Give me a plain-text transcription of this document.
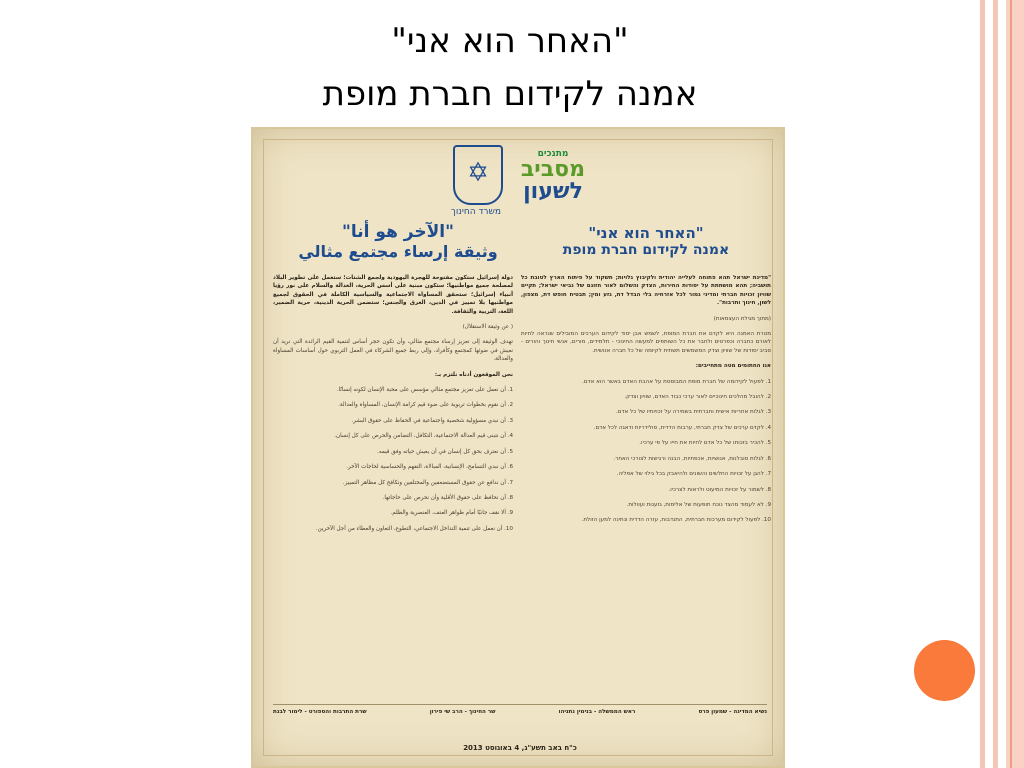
"האחר הוא אני"
אמנה לקידום חברת מופת
✡
משרד החינוך
מתנכים
מסביב
לשעון
"האחר הוא אני"
אמנה לקידום חברת מופת
"الآخر هو أنا"
وثيقة إرساء مجتمع مثالي

"מדינת ישראל תהא פתוחה לעלייה יהודית ולקיבוץ גלויות; תשקוד על פיתוח הארץ לטובת כל תושביה; תהא מושתתת על יסודות החירות, הצדק והשלום לאור חזונם של נביאי ישראל; תקיים שוויון זכויות חברתי ומדיני גמור לכל אזרחיה בלי הבדל דת, גזע ומין; תבטיח חופש דת, מצפון, לשון, חינוך ותרבות".

(מתוך מגילת העצמאות)

מטרת האמנה היא לקדם את חברת המופת, לשמש אבן יסוד לקידום הערכים המובילים שנראה לחיות לאורם כחברה וכפרטים ולחבר את כל השותפים למעשה החינוכי - תלמידים, מורים, אנשי חינוך והורים - סביב יסודות של שוויון וצדק המשמשים תשתית לקיומה של כל חברה אנושית.

אנו החתומים מטה מתחייבים:

1. לפעול לקידומה של חברת מופת המבוססת על אהבת האדם באשר הוא אדם.

2. להובל מהלכים חינוכיים לאור ערכי כבוד האדם, שוויון וצדק.

3. לגלות אחריות אישית וחברתית בשמירה על זכויותיו של כל אדם.

4. לקדם ערכים של צדק חברתי, ערבות הדדית, סולידריות ודאגה לכל אדם.

5. להכיר בזכותו של כל אדם לחיות את חייו על פי ערכיו.

6. לגלות סובלנות, אנושיות, אכפתיות, הבנה ורגישות לצורכי האחר.

7. להגן על זכויות החלשים והשונים ולהיאבק בכל גילוי של אפליה.

8. לשמור על זכויות המיעוט ולראות לצרכיו.

9. לא לעמוד מהצד נוכח תופעות של אלימות, גזענות ועוולות.

10. לפעול לקידום מערכות חברתית, התנדבות, עזרה הדדית ונתינה למען הזולת.

دولة إسرائيل ستكون مفتوحة للهجرة اليهودية ولجمع الشتات؛ ستعمل على تطوير البلاد لمصلحة جميع مواطنيها؛ ستكون مبنية على أسس الحرية، العدالة والسلام على نور رؤيا أنبياء إسرائيل؛ ستحقق المساواة الاجتماعية والسياسية الكاملة في الحقوق لجميع مواطنيها بلا تمييز في الدين، العرق والجنس؛ ستضمن الحرية الدينية، حرية الضمير، اللغة، التربية والثقافة.

( عن وثيقة الاستقلال)

تهدف الوثيقة إلى تعزيز إرساء مجتمع مثالي، وأن تكون حجر أساس لتنمية القيم الرائدة التي نريد أن نعيش في ضوئها كمجتمع وكأفراد، وإلى ربط جميع الشركاء في العمل التربوي حول أساسات المساواة والعدالة.

نحن الموقعون أدناه نلتزم بـ:

1. أن نعمل على تعزيز مجتمع مثالي مؤسس على محبة الإنسان لكونه إنسانًا.

2. أن نقوم بخطوات تربوية على ضوء قيم كرامة الإنسان، المساواة والعدالة.

3. أن نبدي مسؤولية شخصية واجتماعية في الحفاظ على حقوق البشر.

4. أن نتبنى قيم العدالة الاجتماعية، التكافل، التضامن والحرص على كل إنسان.

5. أن نعترف بحق كل إنسان في أن يعيش حياته وفق قيمه.

6. أن نبدي التسامح، الإنسانية، المبالاة، التفهم والحساسية لحاجات الآخر.

7. أن ندافع عن حقوق المستضعفين والمختلفين ونكافح كل مظاهر التمييز.

8. أن نحافظ على حقوق الأقلية وأن نحرص على حاجاتها.

9. ألا نقف جانبًا أمام ظواهر العنف، العنصرية والظلم.

10. أن نعمل على تنمية التداخل الاجتماعي، التطوع، التعاون والعطاء من أجل الآخرين.

נשיא המדינה - שמעון פרס
ראש הממשלה - בנימין נתניהו
שר החינוך - הרב שי פירון
שרת התרבות והספורט - לימור לבנת
כ"ח באב תשע"ג, 4 באוגוסט 2013
